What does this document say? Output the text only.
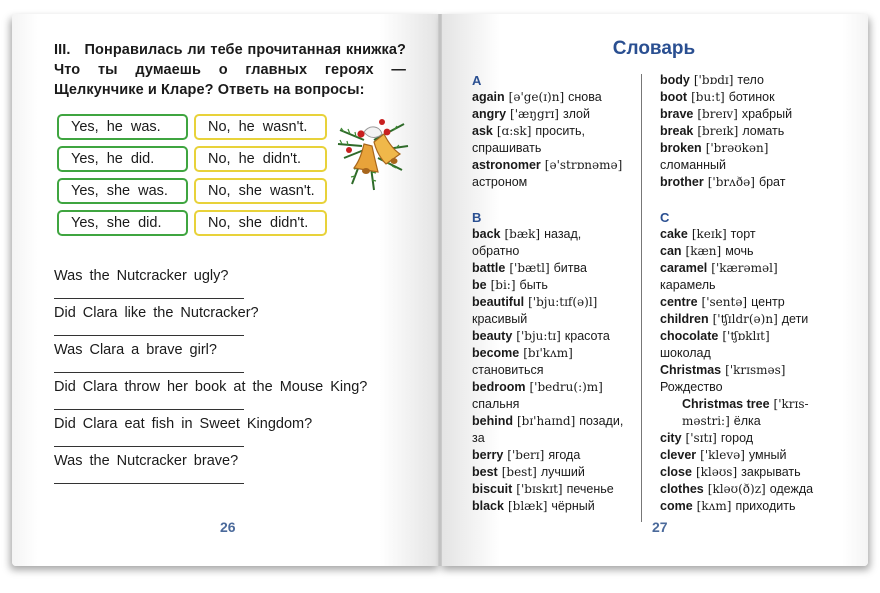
III. Понравилась ли тебе прочитанная книжка? Что ты думаешь о главных героях — Щелкунчике и Кларе? Ответь на вопросы:
Yes, he was.	No, he wasn't.
Yes, he did.	No, he didn't.
Yes, she was.	No, she wasn't.
Yes, she did.	No, she didn't.
Was the Nutcracker ugly?
Did Clara like the Nutcracker?
Was Clara a brave girl?
Did Clara throw her book at the Mouse King?
Did Clara eat fish in Sweet Kingdom?
Was the Nutcracker brave?
26
Словарь
A
again [ə'ge(ɪ)n] снова
angry ['æŋgrɪ] злой
ask [ɑ:sk] просить,
спрашивать
astronomer [ə'strɒnəmə]
астроном
B
back [bæk] назад,
обратно
battle ['bætl] битва
be [bi:] быть
beautiful ['bju:tɪf(ə)l]
красивый
beauty ['bju:tɪ] красота
become [bɪ'kʌm]
становиться
bedroom ['bedru(:)m]
спальня
behind [bɪ'haɪnd] позади,
за
berry ['berɪ] ягода
best [best] лучший
biscuit ['bɪskɪt] печенье
black [blæk] чёрный
body ['bɒdɪ] тело
boot [bu:t] ботинок
brave [breɪv] храбрый
break [breɪk] ломать
broken ['brəʊkən]
сломанный
brother ['brʌðə] брат
C
cake [keɪk] торт
can [kæn] мочь
caramel ['kærəməl]
карамель
centre ['sentə] центр
children ['ʧɪldr(ə)n] дети
chocolate ['ʧɒklɪt]
шоколад
Christmas ['krɪsməs]
Рождество
Christmas tree ['krɪs-
məstri:] ёлка
city ['sɪtɪ] город
clever ['klevə] умный
close [kləʊs] закрывать
clothes [kləʊ(ð)z] одежда
come [kʌm] приходить
27
